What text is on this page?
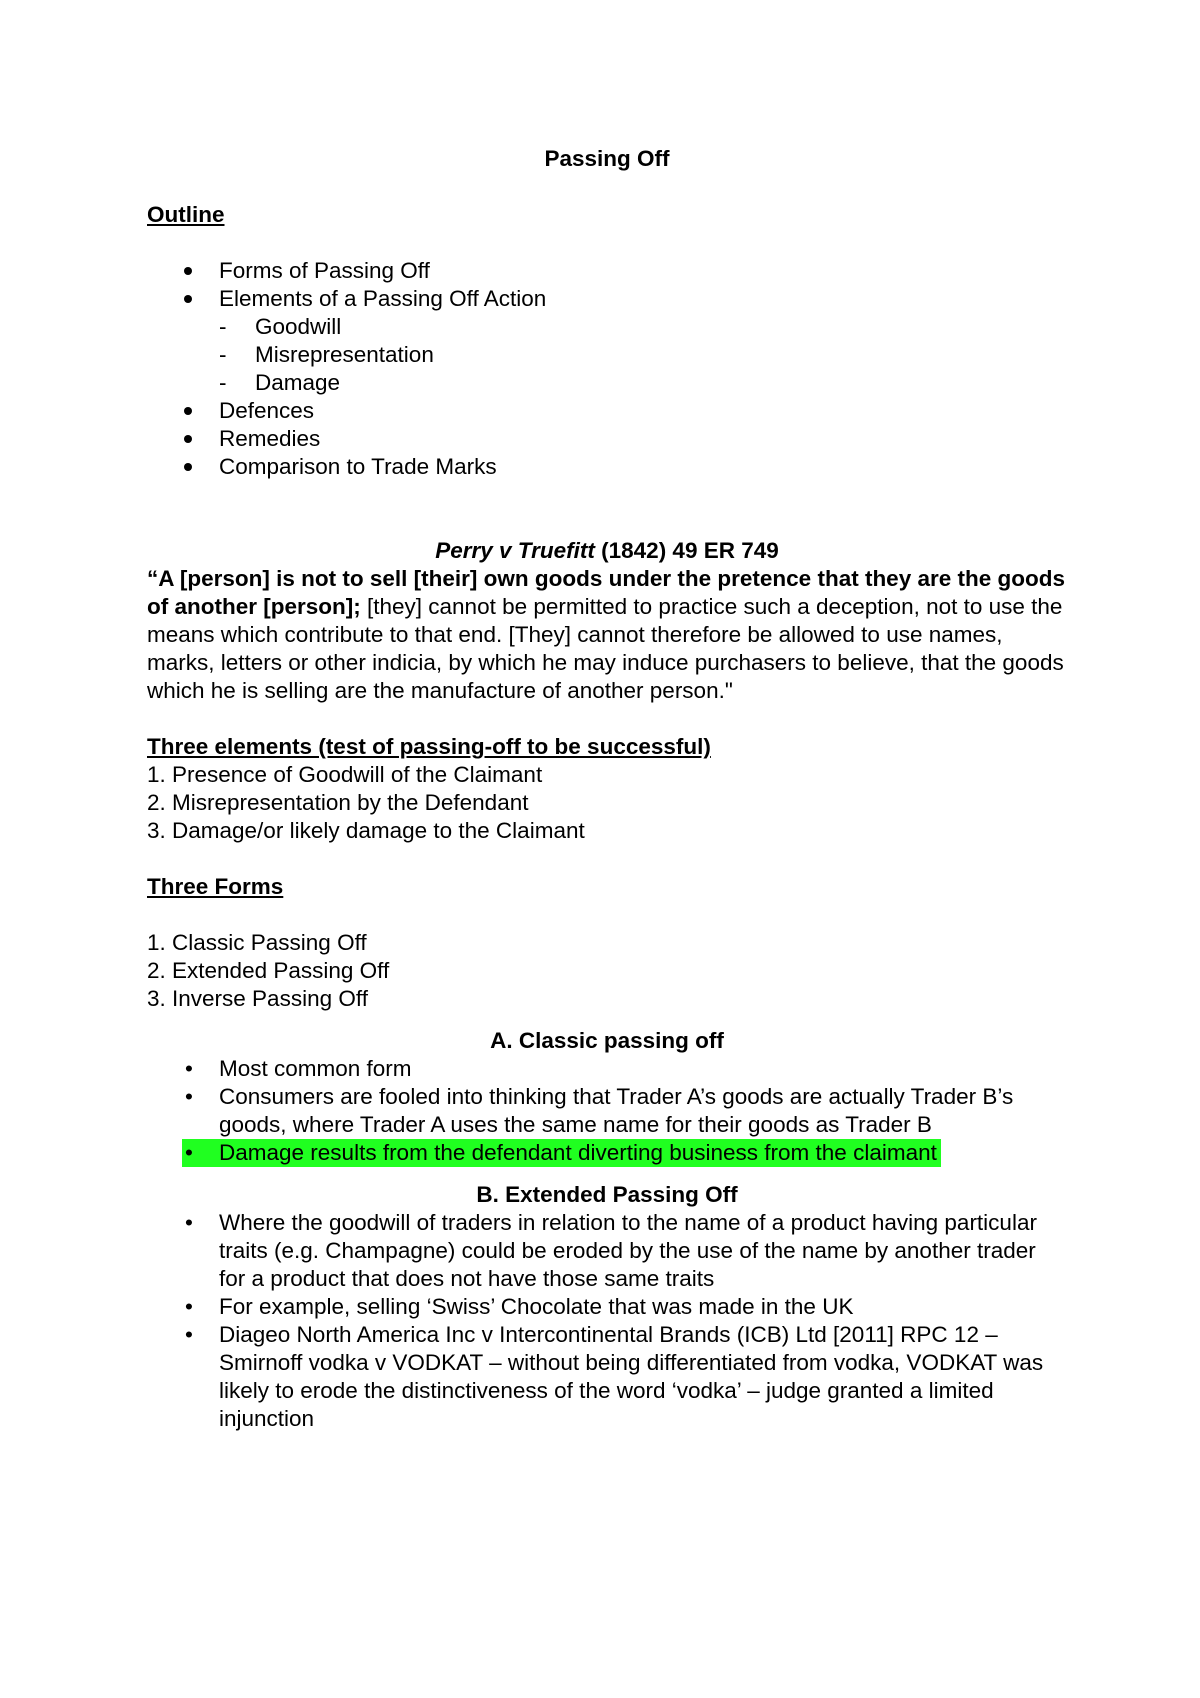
Passing Off
Outline
Forms of Passing Off
Elements of a Passing Off Action
- Goodwill
- Misrepresentation
- Damage
Defences
Remedies
Comparison to Trade Marks
Perry v Truefitt (1842) 49 ER 749
“A [person] is not to sell [their] own goods under the pretence that they are the goods of another [person]; [they] cannot be permitted to practice such a deception, not to use the means which contribute to that end. [They] cannot therefore be allowed to use names, marks, letters or other indicia, by which he may induce purchasers to believe, that the goods which he is selling are the manufacture of another person."
Three elements (test of passing-off to be successful)
1. Presence of Goodwill of the Claimant
2. Misrepresentation by the Defendant
3. Damage/or likely damage to the Claimant
Three Forms
1. Classic Passing Off
2. Extended Passing Off
3. Inverse Passing Off
A. Classic passing off
• Most common form
• Consumers are fooled into thinking that Trader A’s goods are actually Trader B’s goods, where Trader A uses the same name for their goods as Trader B
• Damage results from the defendant diverting business from the claimant
B. Extended Passing Off
• Where the goodwill of traders in relation to the name of a product having particular traits (e.g. Champagne) could be eroded by the use of the name by another trader for a product that does not have those same traits
• For example, selling ‘Swiss’ Chocolate that was made in the UK
• Diageo North America Inc v Intercontinental Brands (ICB) Ltd [2011] RPC 12 – Smirnoff vodka v VODKAT – without being differentiated from vodka, VODKAT was likely to erode the distinctiveness of the word ‘vodka’ – judge granted a limited injunction
